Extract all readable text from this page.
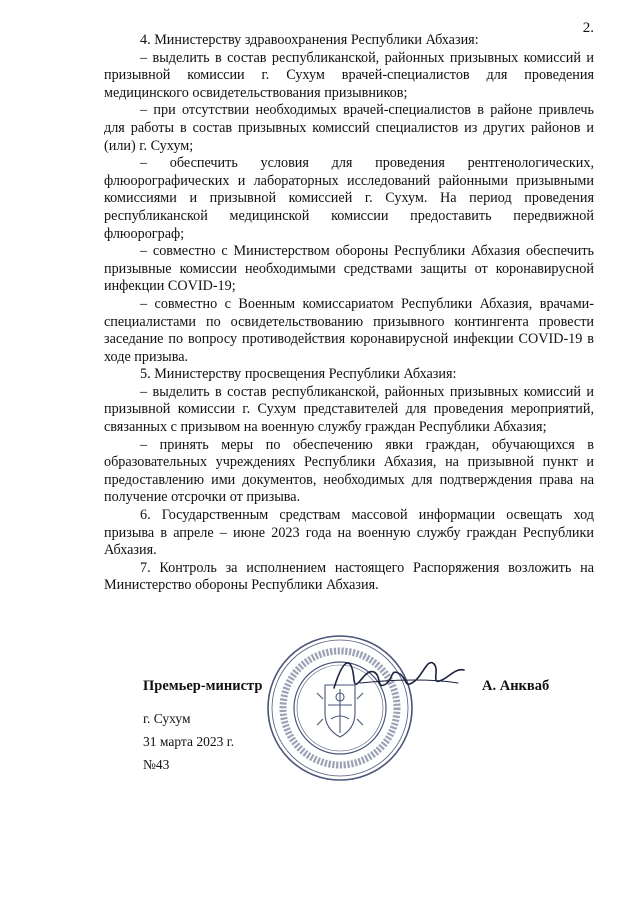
2.

4. Министерству здравоохранения Республики Абхазия:

– выделить в состав республиканской, районных призывных комиссий и призывной комиссии г. Сухум врачей-специалистов для проведения медицинского освидетельствования призывников;

– при отсутствии необходимых врачей-специалистов в районе привлечь для работы в состав призывных комиссий специалистов из других районов и (или) г. Сухум;

– обеспечить условия для проведения рентгенологических, флюорографических и лабораторных исследований районными призывными комиссиями и призывной комиссией г. Сухум. На период проведения республиканской медицинской комиссии предоставить передвижной флюорограф;

– совместно с Министерством обороны Республики Абхазия обеспечить призывные комиссии необходимыми средствами защиты от коронавирусной инфекции COVID-19;

– совместно с Военным комиссариатом Республики Абхазия, врачами-специалистами по освидетельствованию призывного контингента провести заседание по вопросу противодействия коронавирусной инфекции COVID-19 в ходе призыва.

5. Министерству просвещения Республики Абхазия:

– выделить в состав республиканской, районных призывных комиссий и призывной комиссии г. Сухум представителей для проведения мероприятий, связанных с призывом на военную службу граждан Республики Абхазия;

– принять меры по обеспечению явки граждан, обучающихся в образовательных учреждениях Республики Абхазия, на призывной пункт и предоставлению ими документов, необходимых для подтверждения права на получение отсрочки от призыва.

6. Государственным средствам массовой информации освещать ход призыва в апреле – июне 2023 года на военную службу граждан Республики Абхазия.

7. Контроль за исполнением настоящего Распоряжения возложить на Министерство обороны Республики Абхазия.

Премьер-министр	А. Анкваб
г. Сухум
31 марта 2023 г.
№43
